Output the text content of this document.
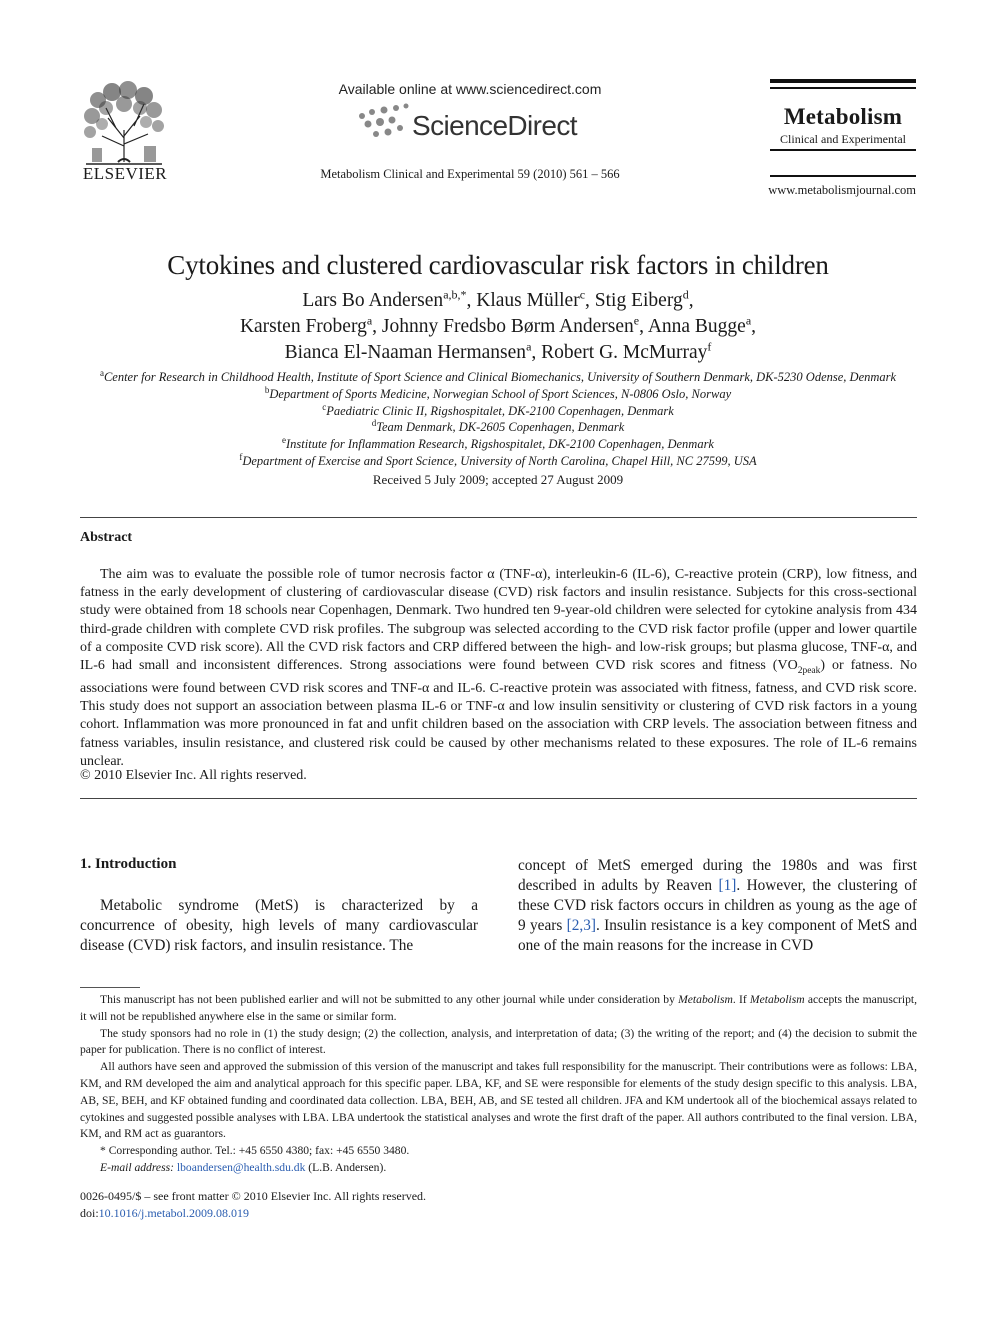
ELSEVIER
Available online at www.sciencedirect.com
ScienceDirect
Metabolism Clinical and Experimental 59 (2010) 561 – 566
Metabolism
Clinical and Experimental
www.metabolismjournal.com
Cytokines and clustered cardiovascular risk factors in children
Lars Bo Andersen$^{a,b,*}$, Klaus Müller$^c$, Stig Eiberg$^d$,
Karsten Froberg$^a$, Johnny Fredsbo Børm Andersen$^e$, Anna Bugge$^a$,
Bianca El-Naaman Hermansen$^a$, Robert G. McMurray$^f$
$^a$Center for Research in Childhood Health, Institute of Sport Science and Clinical Biomechanics, University of Southern Denmark, DK-5230 Odense, Denmark
$^b$Department of Sports Medicine, Norwegian School of Sport Sciences, N-0806 Oslo, Norway
$^c$Paediatric Clinic II, Rigshospitalet, DK-2100 Copenhagen, Denmark
$^d$Team Denmark, DK-2605 Copenhagen, Denmark
$^e$Institute for Inflammation Research, Rigshospitalet, DK-2100 Copenhagen, Denmark
$^f$Department of Exercise and Sport Science, University of North Carolina, Chapel Hill, NC 27599, USA
Received 5 July 2009; accepted 27 August 2009
Abstract
The aim was to evaluate the possible role of tumor necrosis factor α (TNF-α), interleukin-6 (IL-6), C-reactive protein (CRP), low fitness, and fatness in the early development of clustering of cardiovascular disease (CVD) risk factors and insulin resistance. Subjects for this cross-sectional study were obtained from 18 schools near Copenhagen, Denmark. Two hundred ten 9-year-old children were selected for cytokine analysis from 434 third-grade children with complete CVD risk profiles. The subgroup was selected according to the CVD risk factor profile (upper and lower quartile of a composite CVD risk score). All the CVD risk factors and CRP differed between the high- and low-risk groups; but plasma glucose, TNF-α, and IL-6 had small and inconsistent differences. Strong associations were found between CVD risk scores and fitness $(VO_{2peak})$ or fatness. No associations were found between CVD risk scores and TNF-α and IL-6. C-reactive protein was associated with fitness, fatness, and CVD risk score. This study does not support an association between plasma IL-6 or TNF-α and low insulin sensitivity or clustering of CVD risk factors in a young cohort. Inflammation was more pronounced in fat and unfit children based on the association with CRP levels. The association between fitness and fatness variables, insulin resistance, and clustered risk could be caused by other mechanisms related to these exposures. The role of IL-6 remains unclear.
© 2010 Elsevier Inc. All rights reserved.
1. Introduction
Metabolic syndrome (MetS) is characterized by a concurrence of obesity, high levels of many cardiovascular disease (CVD) risk factors, and insulin resistance. The
concept of MetS emerged during the 1980s and was first described in adults by Reaven [1]. However, the clustering of these CVD risk factors occurs in children as young as the age of 9 years [2,3]. Insulin resistance is a key component of MetS and one of the main reasons for the increase in CVD

This manuscript has not been published earlier and will not be submitted to any other journal while under consideration by Metabolism. If Metabolism accepts the manuscript, it will not be republished anywhere else in the same or similar form.

The study sponsors had no role in (1) the study design; (2) the collection, analysis, and interpretation of data; (3) the writing of the report; and (4) the decision to submit the paper for publication. There is no conflict of interest.

All authors have seen and approved the submission of this version of the manuscript and takes full responsibility for the manuscript. Their contributions were as follows: LBA, KM, and RM developed the aim and analytical approach for this specific paper. LBA, KF, and SE were responsible for elements of the study design specific to this analysis. LBA, AB, SE, BEH, and KF obtained funding and coordinated data collection. LBA, BEH, AB, and SE tested all children. JFA and KM undertook all of the biochemical assays related to cytokines and suggested possible analyses with LBA. LBA undertook the statistical analyses and wrote the first draft of the paper. All authors contributed to the final version. LBA, KM, and RM act as guarantors.

* Corresponding author. Tel.: +45 6550 4380; fax: +45 6550 3480.

E-mail address: lboandersen@health.sdu.dk (L.B. Andersen).

0026-0495/$ – see front matter © 2010 Elsevier Inc. All rights reserved.
doi:10.1016/j.metabol.2009.08.019
